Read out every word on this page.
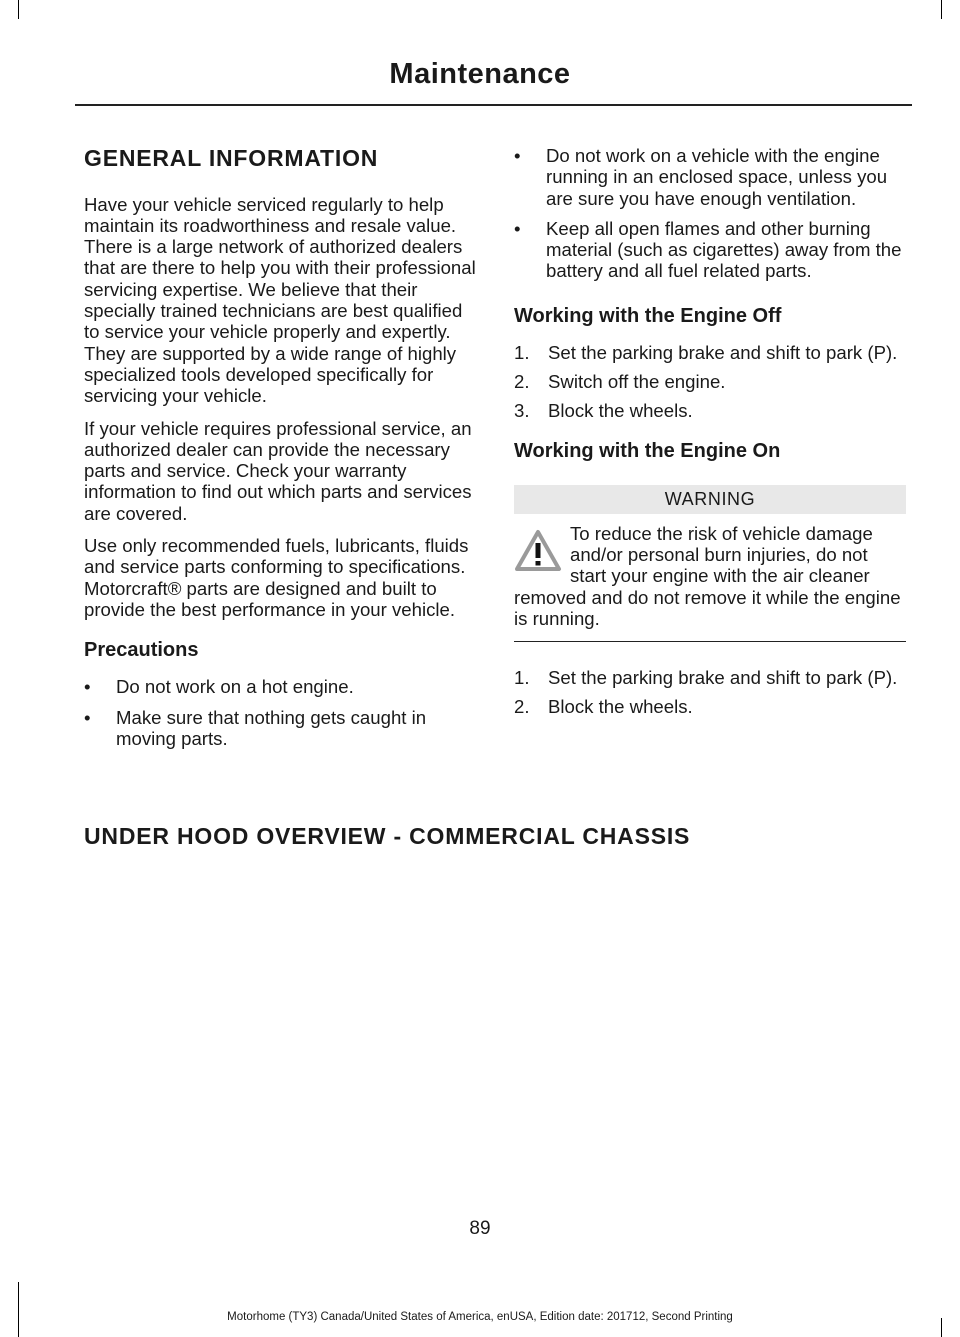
Maintenance
GENERAL INFORMATION

Have your vehicle serviced regularly to help maintain its roadworthiness and resale value. There is a large network of authorized dealers that are there to help you with their professional servicing expertise. We believe that their specially trained technicians are best qualified to service your vehicle properly and expertly. They are supported by a wide range of highly specialized tools developed specifically for servicing your vehicle.

If your vehicle requires professional service, an authorized dealer can provide the necessary parts and service. Check your warranty information to find out which parts and services are covered.

Use only recommended fuels, lubricants, fluids and service parts conforming to specifications. Motorcraft® parts are designed and built to provide the best performance in your vehicle.

Precautions
• Do not work on a hot engine.
• Make sure that nothing gets caught in moving parts.
• Do not work on a vehicle with the engine running in an enclosed space, unless you are sure you have enough ventilation.
• Keep all open flames and other burning material (such as cigarettes) away from the battery and all fuel related parts.
Working with the Engine Off
1. Set the parking brake and shift to park (P).
2. Switch off the engine.
3. Block the wheels.
Working with the Engine On
WARNING
To reduce the risk of vehicle damage and/or personal burn injuries, do not start your engine with the air cleaner removed and do not remove it while the engine is running.
1. Set the parking brake and shift to park (P).
2. Block the wheels.
UNDER HOOD OVERVIEW - COMMERCIAL CHASSIS
89
Motorhome (TY3) Canada/United States of America, enUSA, Edition date: 201712, Second Printing
